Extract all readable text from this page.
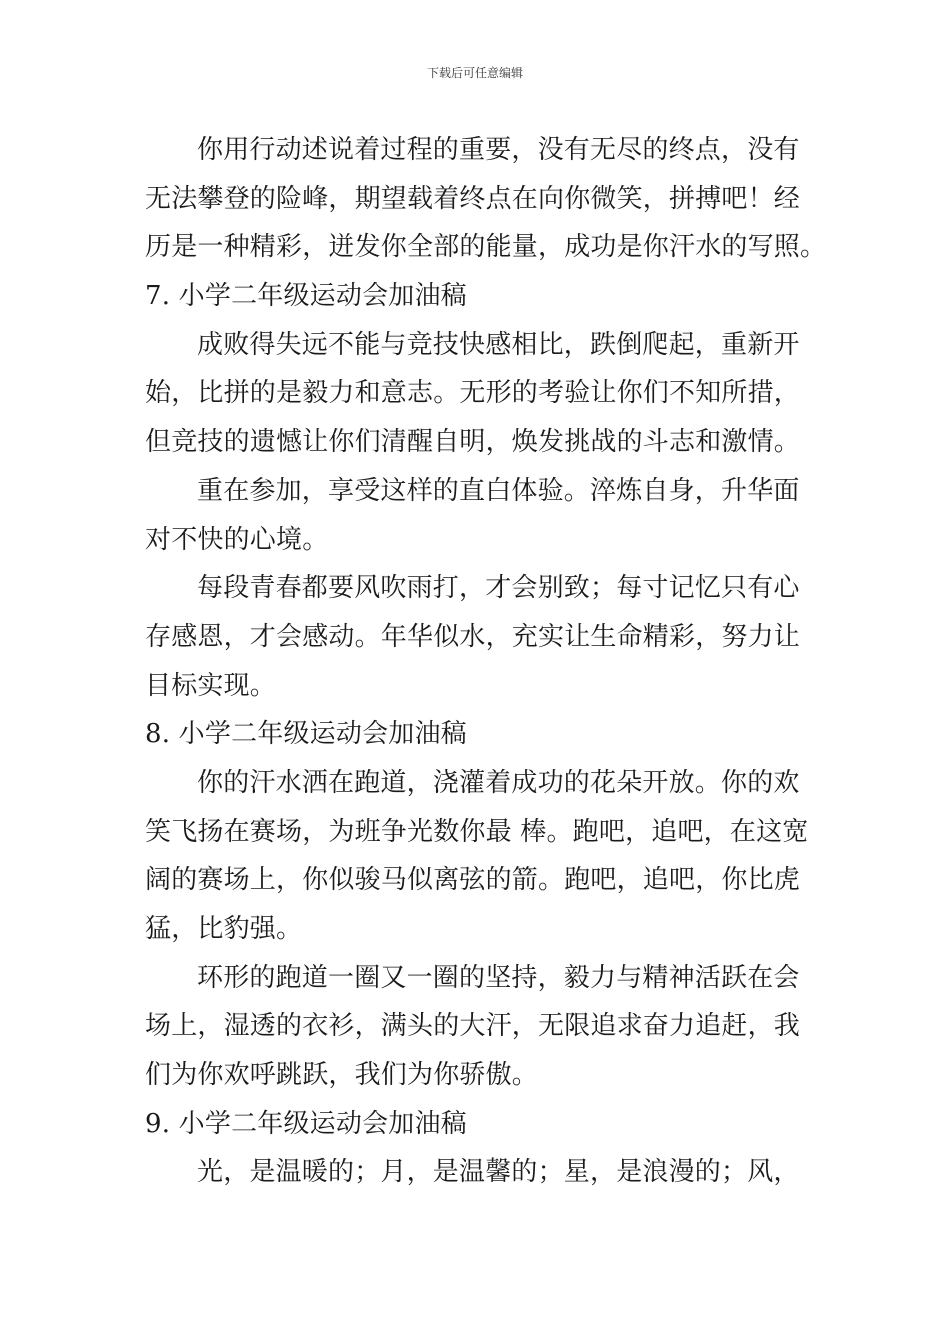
下载后可任意编辑
你用行动述说着过程的重要，没有无尽的终点，没有
无法攀登的险峰，期望载着终点在向你微笑，拼搏吧！经
历是一种精彩，迸发你全部的能量，成功是你汗水的写照。
7. 小学二年级运动会加油稿
成败得失远不能与竞技快感相比，跌倒爬起，重新开
始，比拼的是毅力和意志。无形的考验让你们不知所措，
但竞技的遗憾让你们清醒自明，焕发挑战的斗志和激情。
重在参加，享受这样的直白体验。淬炼自身，升华面
对不快的心境。
每段青春都要风吹雨打，才会别致；每寸记忆只有心
存感恩，才会感动。年华似水，充实让生命精彩，努力让
目标实现。
8. 小学二年级运动会加油稿
你的汗水洒在跑道，浇灌着成功的花朵开放。你的欢
笑飞扬在赛场，为班争光数你最 棒。跑吧，追吧，在这宽
阔的赛场上，你似骏马似离弦的箭。跑吧，追吧，你比虎
猛，比豹强。
环形的跑道一圈又一圈的坚持，毅力与精神活跃在会
场上，湿透的衣衫，满头的大汗，无限追求奋力追赶，我
们为你欢呼跳跃，我们为你骄傲。
9. 小学二年级运动会加油稿
光，是温暖的；月，是温馨的；星，是浪漫的；风，
